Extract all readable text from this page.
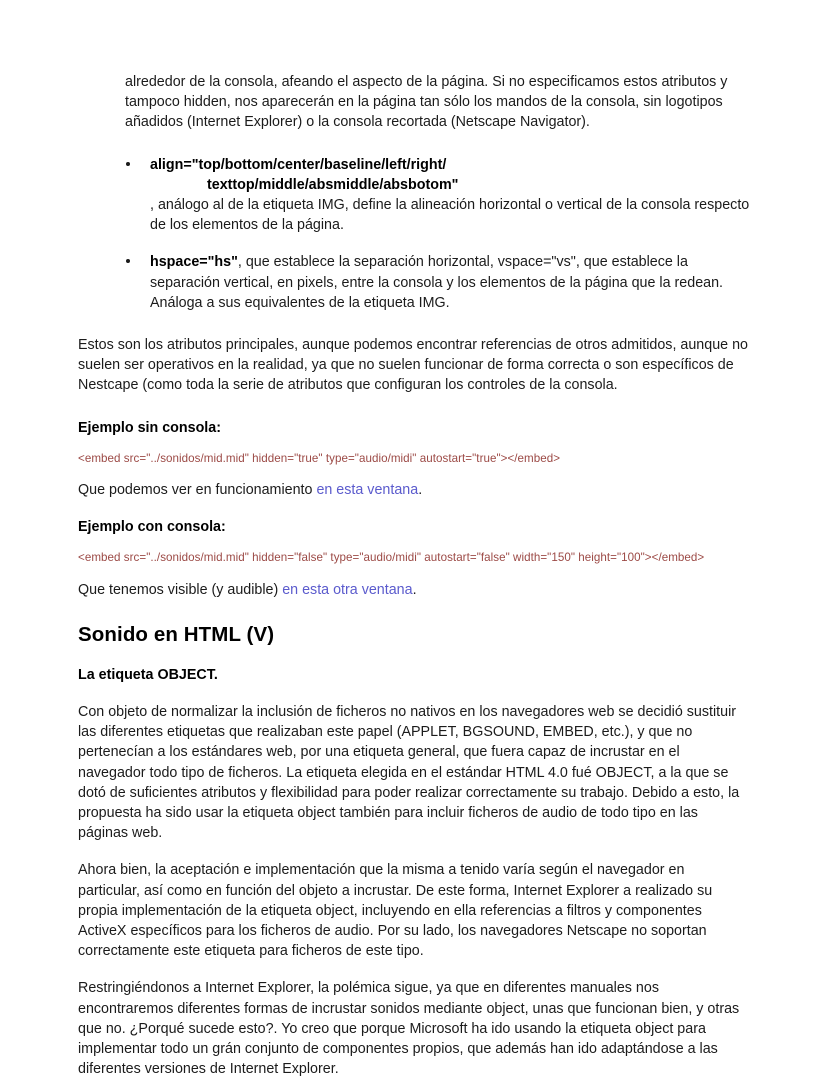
alrededor de la consola, afeando el aspecto de la página. Si no especificamos estos atributos y tampoco hidden, nos aparecerán en la página tan sólo los mandos de la consola, sin logotipos añadidos (Internet Explorer) o la consola recortada (Netscape Navigator).

align="top/bottom/center/baseline/left/right/
texttop/middle/absmiddle/absbotom"
, análogo al de la etiqueta IMG, define la alineación horizontal o vertical de la consola respecto de los elementos de la página.

hspace="hs", que establece la separación horizontal, vspace="vs", que establece la separación vertical, en pixels, entre la consola y los elementos de la página que la redean. Análoga a sus equivalentes de la etiqueta IMG.

Estos son los atributos principales, aunque podemos encontrar referencias de otros admitidos, aunque no suelen ser operativos en la realidad, ya que no suelen funcionar de forma correcta o son específicos de Nestcape (como toda la serie de atributos que configuran los controles de la consola.

Ejemplo sin consola:
<embed src="../sonidos/mid.mid" hidden="true" type="audio/midi" autostart="true"></embed>

Que podemos ver en funcionamiento en esta ventana.

Ejemplo con consola:
<embed src="../sonidos/mid.mid" hidden="false" type="audio/midi" autostart="false" width="150" height="100"></embed>

Que tenemos visible (y audible) en esta otra ventana.

Sonido en HTML (V)
La etiqueta OBJECT.

Con objeto de normalizar la inclusión de ficheros no nativos en los navegadores web se decidió sustituir las diferentes etiquetas que realizaban este papel (APPLET, BGSOUND, EMBED, etc.), y que no pertenecían a los estándares web, por una etiqueta general, que fuera capaz de incrustar en el navegador todo tipo de ficheros. La etiqueta elegida en el estándar HTML 4.0 fué OBJECT, a la que se dotó de suficientes atributos y flexibilidad para poder realizar correctamente su trabajo. Debido a esto, la propuesta ha sido usar la etiqueta object también para incluir ficheros de audio de todo tipo en las páginas web.

Ahora bien, la aceptación e implementación que la misma a tenido varía según el navegador en particular, así como en función del objeto a incrustar. De este forma, Internet Explorer a realizado su propia implementación de la etiqueta object, incluyendo en ella referencias a filtros y componentes ActiveX específicos para los ficheros de audio. Por su lado, los navegadores Netscape no soportan correctamente este etiqueta para ficheros de este tipo.

Restringiéndonos a Internet Explorer, la polémica sigue, ya que en diferentes manuales nos encontraremos diferentes formas de incrustar sonidos mediante object, unas que funcionan bien, y otras que no. ¿Porqué sucede esto?. Yo creo que porque Microsoft ha ido usando la etiqueta object para implementar todo un grán conjunto de componentes propios, que además han ido adaptándose a las diferentes versiones de Internet Explorer.
